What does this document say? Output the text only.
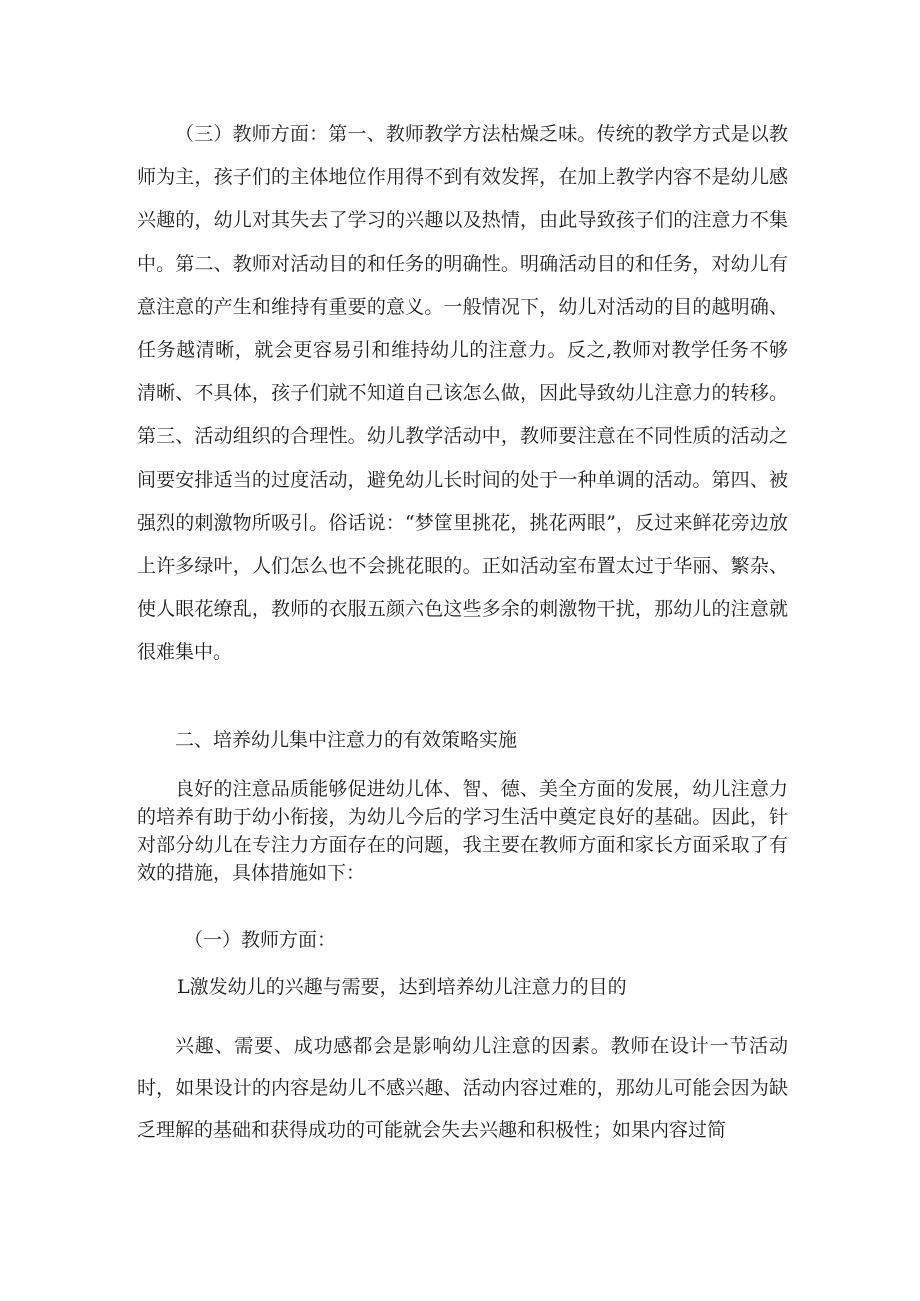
（三）教师方面：第一、教师教学方法枯燥乏味。传统的教学方式是以教师为主，孩子们的主体地位作用得不到有效发挥，在加上教学内容不是幼儿感兴趣的，幼儿对其失去了学习的兴趣以及热情，由此导致孩子们的注意力不集中。第二、教师对活动目的和任务的明确性。明确活动目的和任务，对幼儿有意注意的产生和维持有重要的意义。一般情况下，幼儿对活动的目的越明确、任务越清晰，就会更容易引和维持幼儿的注意力。反之,教师对教学任务不够清晰、不具体，孩子们就不知道自己该怎么做，因此导致幼儿注意力的转移。第三、活动组织的合理性。幼儿教学活动中，教师要注意在不同性质的活动之间要安排适当的过度活动，避免幼儿长时间的处于一种单调的活动。第四、被强烈的刺激物所吸引。俗话说：“梦筐里挑花，挑花两眼”，反过来鲜花旁边放上许多绿叶，人们怎么也不会挑花眼的。正如活动室布置太过于华丽、繁杂、使人眼花缭乱，教师的衣服五颜六色这些多余的刺激物干扰，那幼儿的注意就很难集中。

二、培养幼儿集中注意力的有效策略实施

良好的注意品质能够促进幼儿体、智、德、美全方面的发展，幼儿注意力的培养有助于幼小衔接，为幼儿今后的学习生活中奠定良好的基础。因此，针对部分幼儿在专注力方面存在的问题，我主要在教师方面和家长方面采取了有效的措施，具体措施如下：

（一）教师方面：

L激发幼儿的兴趣与需要，达到培养幼儿注意力的目的

兴趣、需要、成功感都会是影响幼儿注意的因素。教师在设计一节活动时，如果设计的内容是幼儿不感兴趣、活动内容过难的，那幼儿可能会因为缺乏理解的基础和获得成功的可能就会失去兴趣和积极性；如果内容过简
